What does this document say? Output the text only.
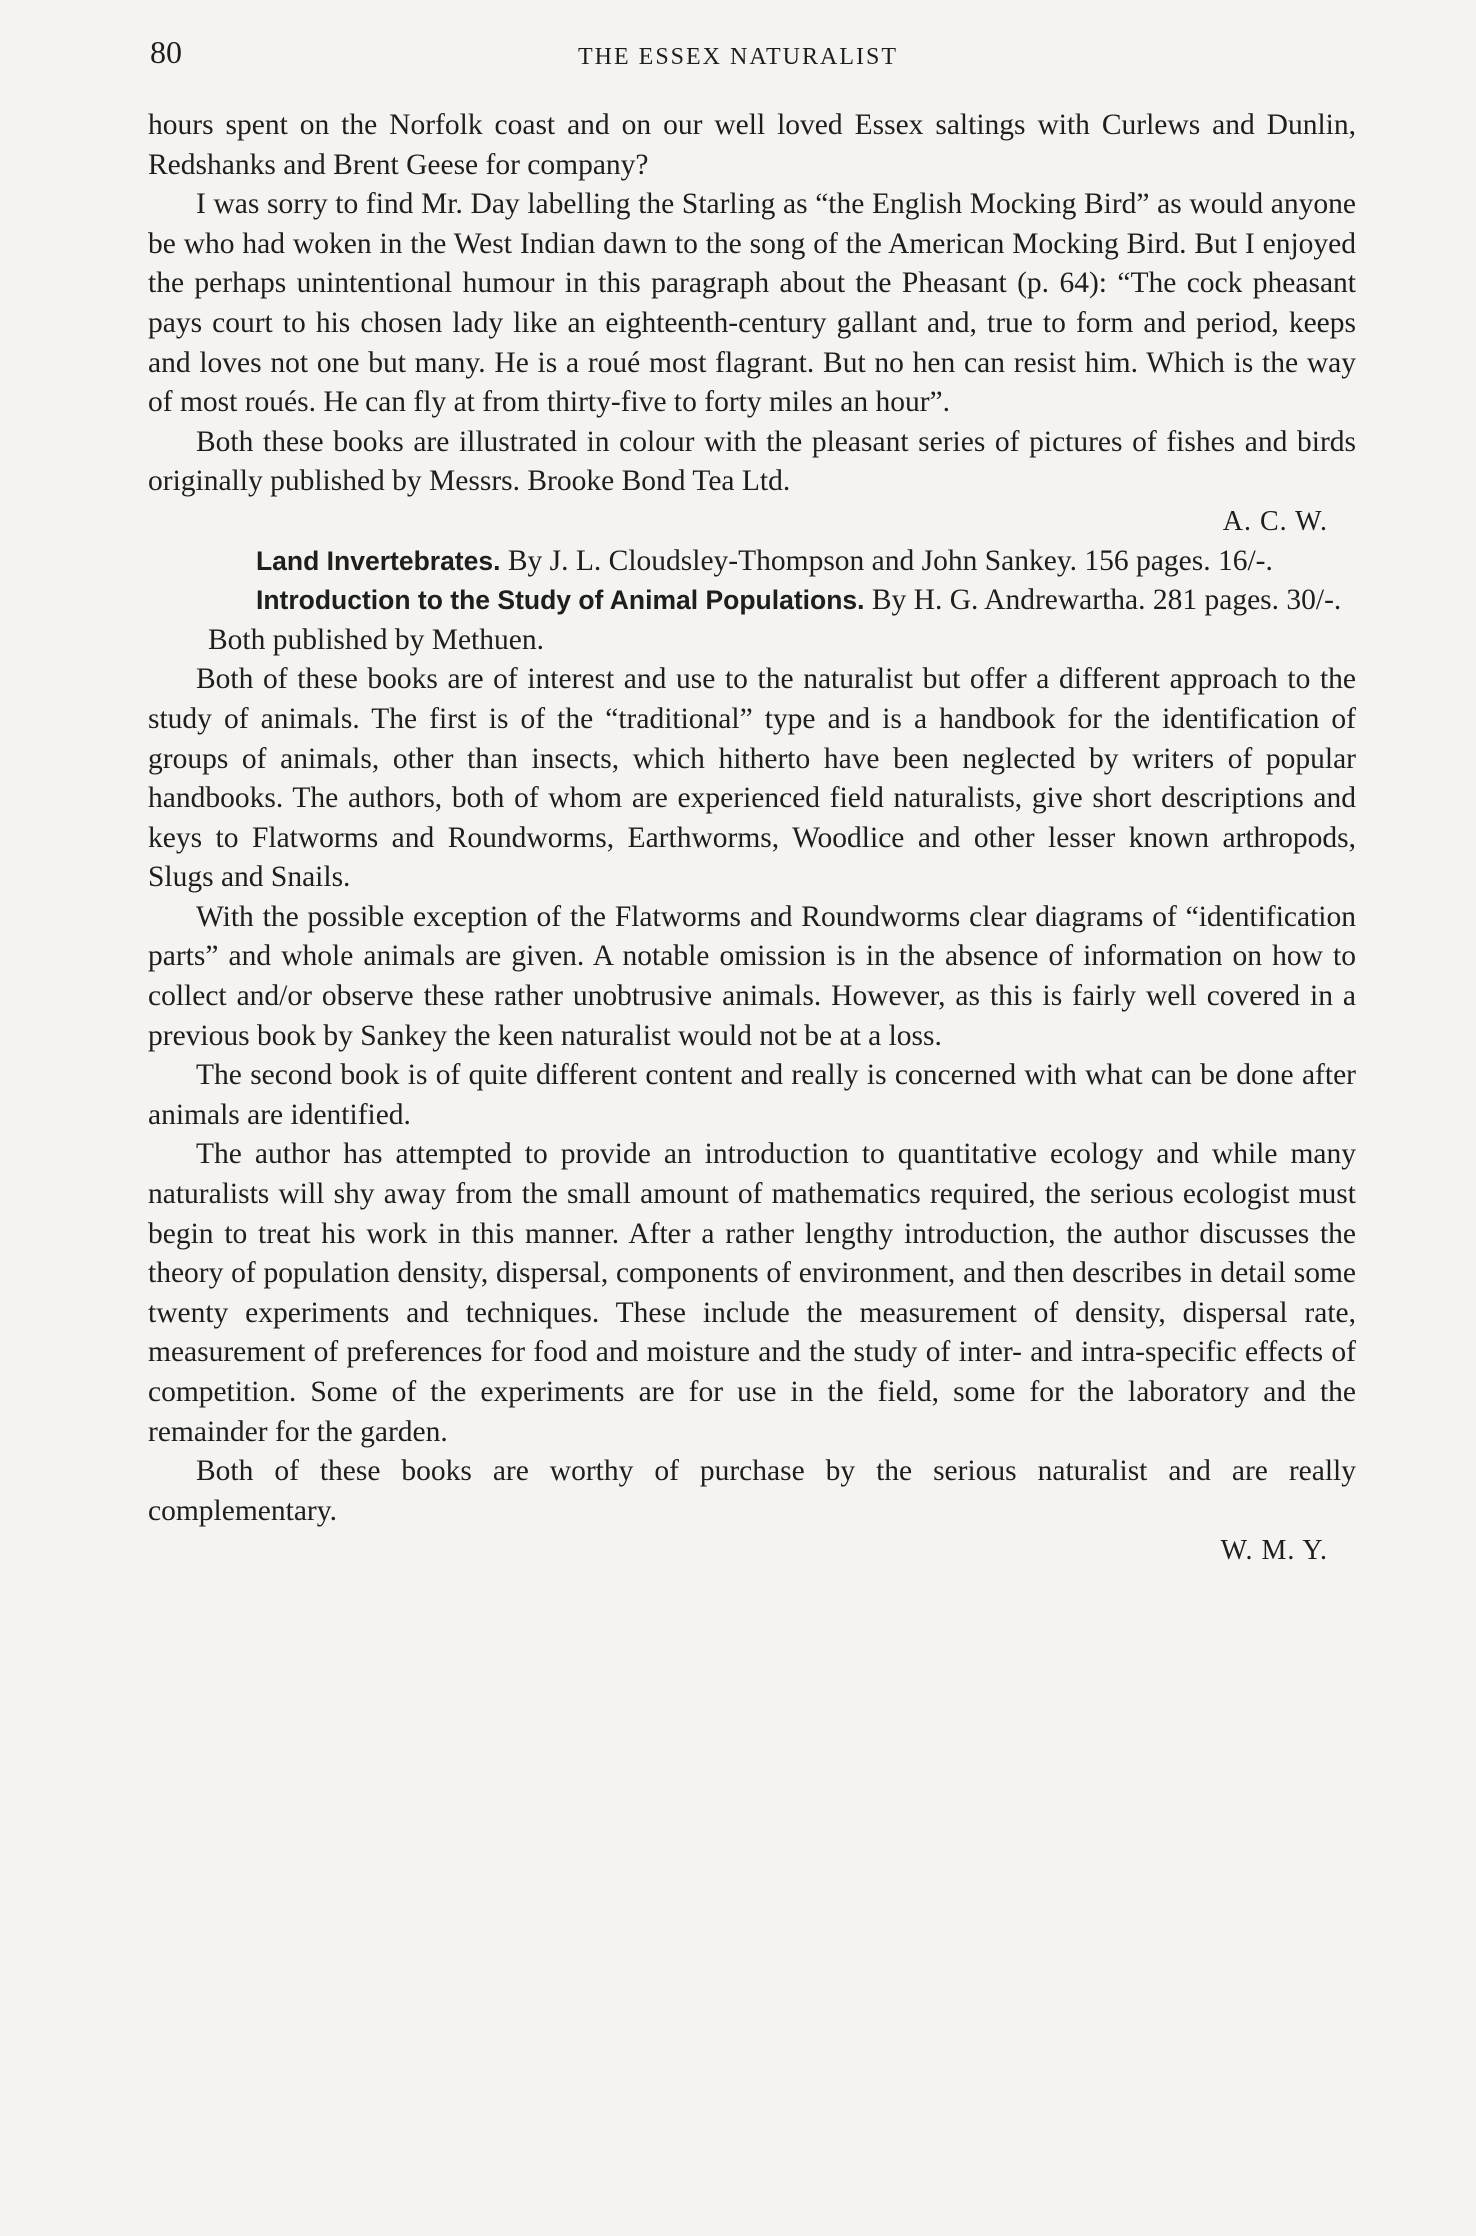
80	THE ESSEX NATURALIST

hours spent on the Norfolk coast and on our well loved Essex saltings with Curlews and Dunlin, Redshanks and Brent Geese for company?

I was sorry to find Mr. Day labelling the Starling as “the English Mocking Bird” as would anyone be who had woken in the West Indian dawn to the song of the American Mocking Bird. But I enjoyed the perhaps unintentional humour in this paragraph about the Pheasant (p. 64): “The cock pheasant pays court to his chosen lady like an eighteenth-century gallant and, true to form and period, keeps and loves not one but many. He is a roué most flagrant. But no hen can resist him. Which is the way of most roués. He can fly at from thirty-five to forty miles an hour”.

Both these books are illustrated in colour with the pleasant series of pictures of fishes and birds originally published by Messrs. Brooke Bond Tea Ltd.

A. C. W.

Land Invertebrates. By J. L. Cloudsley-Thompson and John Sankey. 156 pages. 16/-.

Introduction to the Study of Animal Populations. By H. G. Andrewartha. 281 pages. 30/-. Both published by Methuen.

Both of these books are of interest and use to the naturalist but offer a different approach to the study of animals. The first is of the “traditional” type and is a handbook for the identification of groups of animals, other than insects, which hitherto have been neglected by writers of popular handbooks. The authors, both of whom are experienced field naturalists, give short descriptions and keys to Flatworms and Roundworms, Earthworms, Woodlice and other lesser known arthropods, Slugs and Snails.

With the possible exception of the Flatworms and Roundworms clear diagrams of “identification parts” and whole animals are given. A notable omission is in the absence of information on how to collect and/or observe these rather unobtrusive animals. However, as this is fairly well covered in a previous book by Sankey the keen naturalist would not be at a loss.

The second book is of quite different content and really is concerned with what can be done after animals are identified.

The author has attempted to provide an introduction to quantitative ecology and while many naturalists will shy away from the small amount of mathematics required, the serious ecologist must begin to treat his work in this manner. After a rather lengthy introduction, the author discusses the theory of population density, dispersal, components of environment, and then describes in detail some twenty experiments and techniques. These include the measurement of density, dispersal rate, measurement of preferences for food and moisture and the study of inter- and intra-specific effects of competition. Some of the experiments are for use in the field, some for the laboratory and the remainder for the garden.

Both of these books are worthy of purchase by the serious naturalist and are really complementary.

W. M. Y.
